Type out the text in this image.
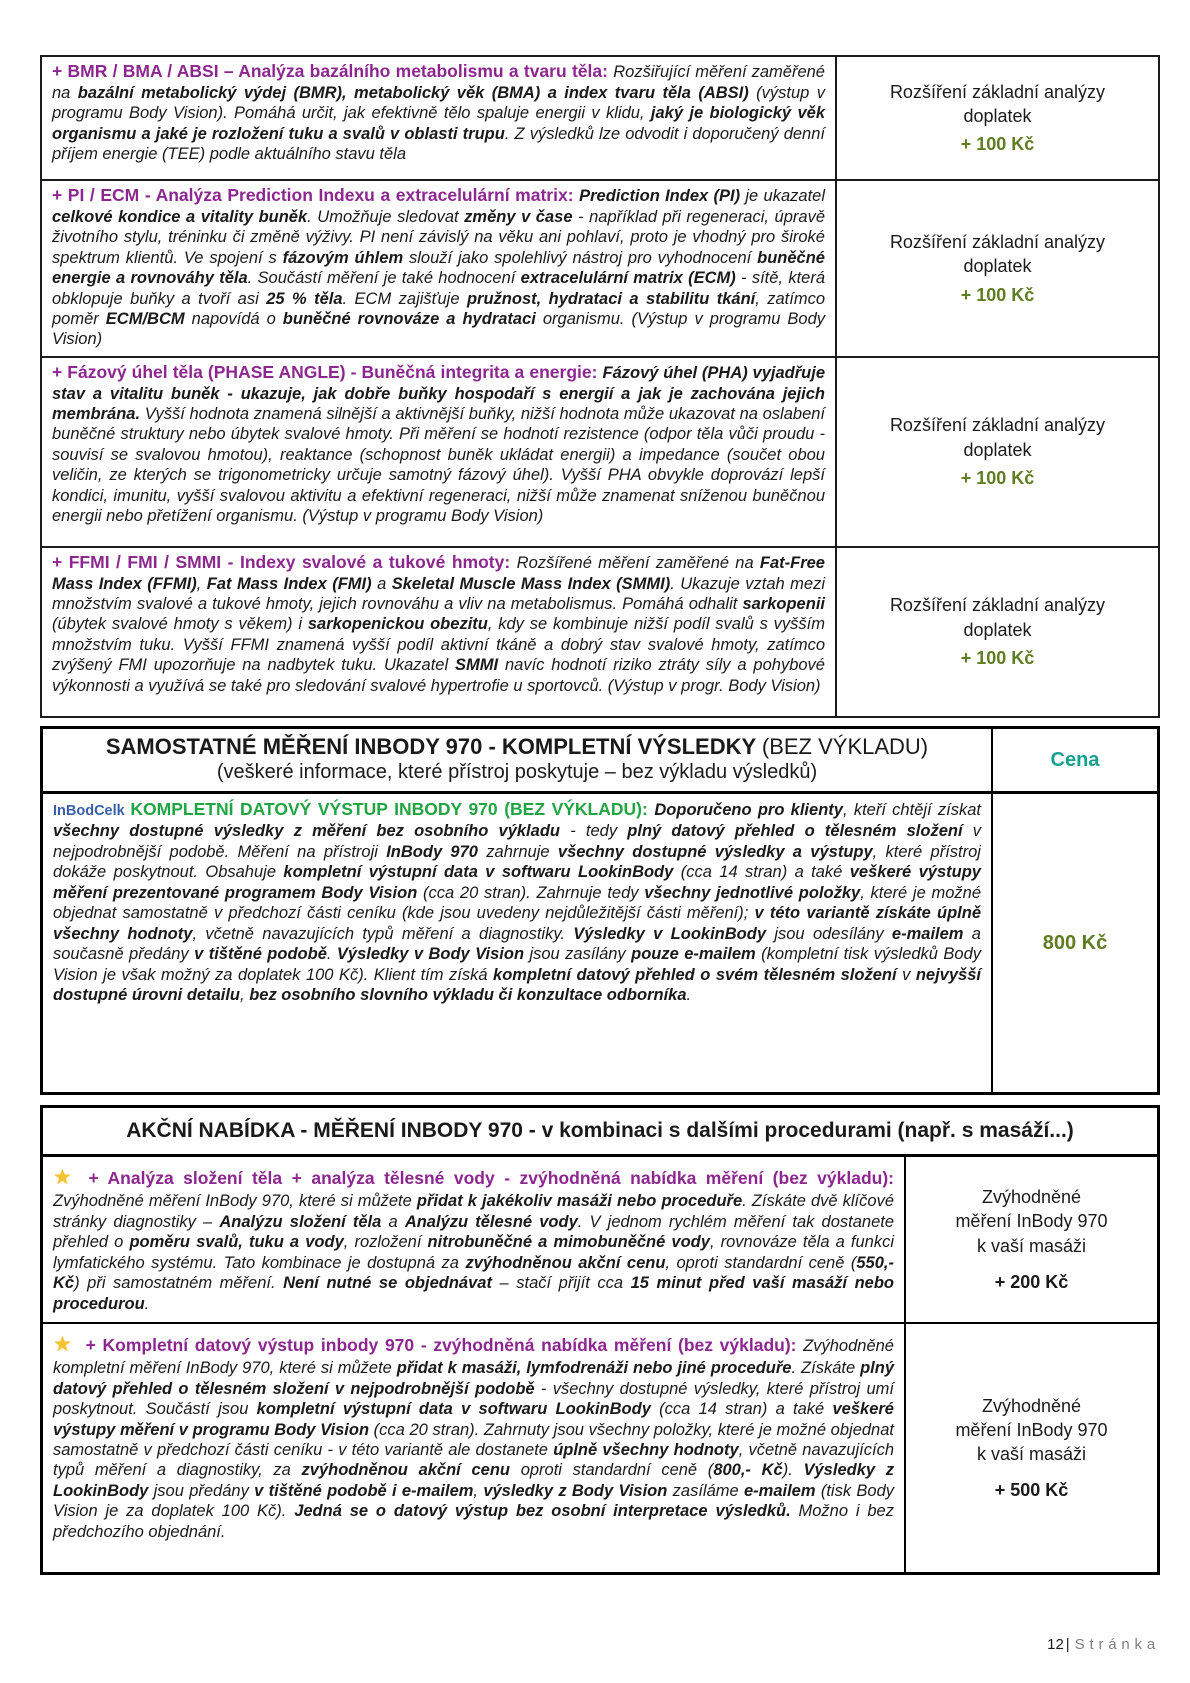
+ BMR / BMA / ABSI – Analýza bazálního metabolismu a tvaru těla: Rozšiřující měření zaměřené na bazální metabolický výdej (BMR), metabolický věk (BMA) a index tvaru těla (ABSI) (výstup v programu Body Vision). Pomáhá určit, jak efektivně tělo spaluje energii v klidu, jaký je biologický věk organismu a jaké je rozložení tuku a svalů v oblasti trupu. Z výsledků lze odvodit i doporučený denní příjem energie (TEE) podle aktuálního stavu těla

Rozšíření základní analýzy
doplatek
+ 100 Kč

+ PI / ECM - Analýza Prediction Indexu a extracelulární matrix: Prediction Index (PI) je ukazatel celkové kondice a vitality buněk. Umožňuje sledovat změny v čase - například při regeneraci, úpravě životního stylu, tréninku či změně výživy. PI není závislý na věku ani pohlaví, proto je vhodný pro široké spektrum klientů. Ve spojení s fázovým úhlem slouží jako spolehlivý nástroj pro vyhodnocení buněčné energie a rovnováhy těla. Součástí měření je také hodnocení extracelulární matrix (ECM) - sítě, která obklopuje buňky a tvoří asi 25 % těla. ECM zajišťuje pružnost, hydrataci a stabilitu tkání, zatímco poměr ECM/BCM napovídá o buněčné rovnováze a hydrataci organismu. (Výstup v programu Body Vision)

Rozšíření základní analýzy
doplatek
+ 100 Kč

+ Fázový úhel těla (PHASE ANGLE) - Buněčná integrita a energie: Fázový úhel (PHA) vyjadřuje stav a vitalitu buněk - ukazuje, jak dobře buňky hospodaří s energií a jak je zachována jejich membrána. Vyšší hodnota znamená silnější a aktivnější buňky, nižší hodnota může ukazovat na oslabení buněčné struktury nebo úbytek svalové hmoty. Při měření se hodnotí rezistence (odpor těla vůči proudu - souvisí se svalovou hmotou), reaktance (schopnost buněk ukládat energii) a impedance (součet obou veličin, ze kterých se trigonometricky určuje samotný fázový úhel). Vyšší PHA obvykle doprovází lepší kondici, imunitu, vyšší svalovou aktivitu a efektivní regeneraci, nižší může znamenat sníženou buněčnou energii nebo přetížení organismu. (Výstup v programu Body Vision)

Rozšíření základní analýzy
doplatek
+ 100 Kč

+ FFMI / FMI / SMMI - Indexy svalové a tukové hmoty: Rozšířené měření zaměřené na Fat-Free Mass Index (FFMI), Fat Mass Index (FMI) a Skeletal Muscle Mass Index (SMMI). Ukazuje vztah mezi množstvím svalové a tukové hmoty, jejich rovnováhu a vliv na metabolismus. Pomáhá odhalit sarkopenii (úbytek svalové hmoty s věkem) i sarkopenickou obezitu, kdy se kombinuje nižší podíl svalů s vyšším množstvím tuku. Vyšší FFMI znamená vyšší podíl aktivní tkáně a dobrý stav svalové hmoty, zatímco zvýšený FMI upozorňuje na nadbytek tuku. Ukazatel SMMI navíc hodnotí riziko ztráty síly a pohybové výkonnosti a využívá se také pro sledování svalové hypertrofie u sportovců. (Výstup v progr. Body Vision)

Rozšíření základní analýzy
doplatek
+ 100 Kč
SAMOSTATNÉ MĚŘENÍ INBODY 970 - KOMPLETNÍ VÝSLEDKY (BEZ VÝKLADU)
(veškeré informace, které přístroj poskytuje – bez výkladu výsledků)
Cena

InBodCelk KOMPLETNÍ DATOVÝ VÝSTUP INBODY 970 (BEZ VÝKLADU): Doporučeno pro klienty, kteří chtějí získat všechny dostupné výsledky z měření bez osobního výkladu - tedy plný datový přehled o tělesném složení v nejpodrobnější podobě. Měření na přístroji InBody 970 zahrnuje všechny dostupné výsledky a výstupy, které přístroj dokáže poskytnout. Obsahuje kompletní výstupní data v softwaru LookinBody (cca 14 stran) a také veškeré výstupy měření prezentované programem Body Vision (cca 20 stran). Zahrnuje tedy všechny jednotlivé položky, které je možné objednat samostatně v předchozí části ceníku (kde jsou uvedeny nejdůležitější části měření); v této variantě získáte úplně všechny hodnoty, včetně navazujících typů měření a diagnostiky. Výsledky v LookinBody jsou odesílány e-mailem a současně předány v tištěné podobě. Výsledky v Body Vision jsou zasílány pouze e-mailem (kompletní tisk výsledků Body Vision je však možný za doplatek 100 Kč). Klient tím získá kompletní datový přehled o svém tělesném složení v nejvyšší dostupné úrovni detailu, bez osobního slovního výkladu či konzultace odborníka.

800 Kč
AKČNÍ NABÍDKA - MĚŘENÍ INBODY 970 - v kombinaci s dalšími procedurami (např. s masáží...)

★ + Analýza složení těla + analýza tělesné vody - zvýhodněná nabídka měření (bez výkladu): Zvýhodněné měření InBody 970, které si můžete přidat k jakékoliv masáži nebo proceduře. Získáte dvě klíčové stránky diagnostiky – Analýzu složení těla a Analýzu tělesné vody. V jednom rychlém měření tak dostanete přehled o poměru svalů, tuku a vody, rozložení nitrobuněčné a mimobuněčné vody, rovnováze těla a funkci lymfatického systému. Tato kombinace je dostupná za zvýhodněnou akční cenu, oproti standardní ceně (550,-Kč) při samostatném měření. Není nutné se objednávat – stačí přijít cca 15 minut před vaší masáží nebo procedurou.

Zvýhodněné
měření InBody 970
k vaší masáži
+ 200 Kč

★ + Kompletní datový výstup inbody 970 - zvýhodněná nabídka měření (bez výkladu): Zvýhodněné kompletní měření InBody 970, které si můžete přidat k masáži, lymfodrenáži nebo jiné proceduře. Získáte plný datový přehled o tělesném složení v nejpodrobnější podobě - všechny dostupné výsledky, které přístroj umí poskytnout. Součástí jsou kompletní výstupní data v softwaru LookinBody (cca 14 stran) a také veškeré výstupy měření v programu Body Vision (cca 20 stran). Zahrnuty jsou všechny položky, které je možné objednat samostatně v předchozí části ceníku - v této variantě ale dostanete úplně všechny hodnoty, včetně navazujících typů měření a diagnostiky, za zvýhodněnou akční cenu oproti standardní ceně (800,- Kč). Výsledky z LookinBody jsou předány v tištěné podobě i e-mailem, výsledky z Body Vision zasíláme e-mailem (tisk Body Vision je za doplatek 100 Kč). Jedná se o datový výstup bez osobní interpretace výsledků. Možno i bez předchozího objednání.

Zvýhodněné
měření InBody 970
k vaší masáži
+ 500 Kč
12 | Stránka
